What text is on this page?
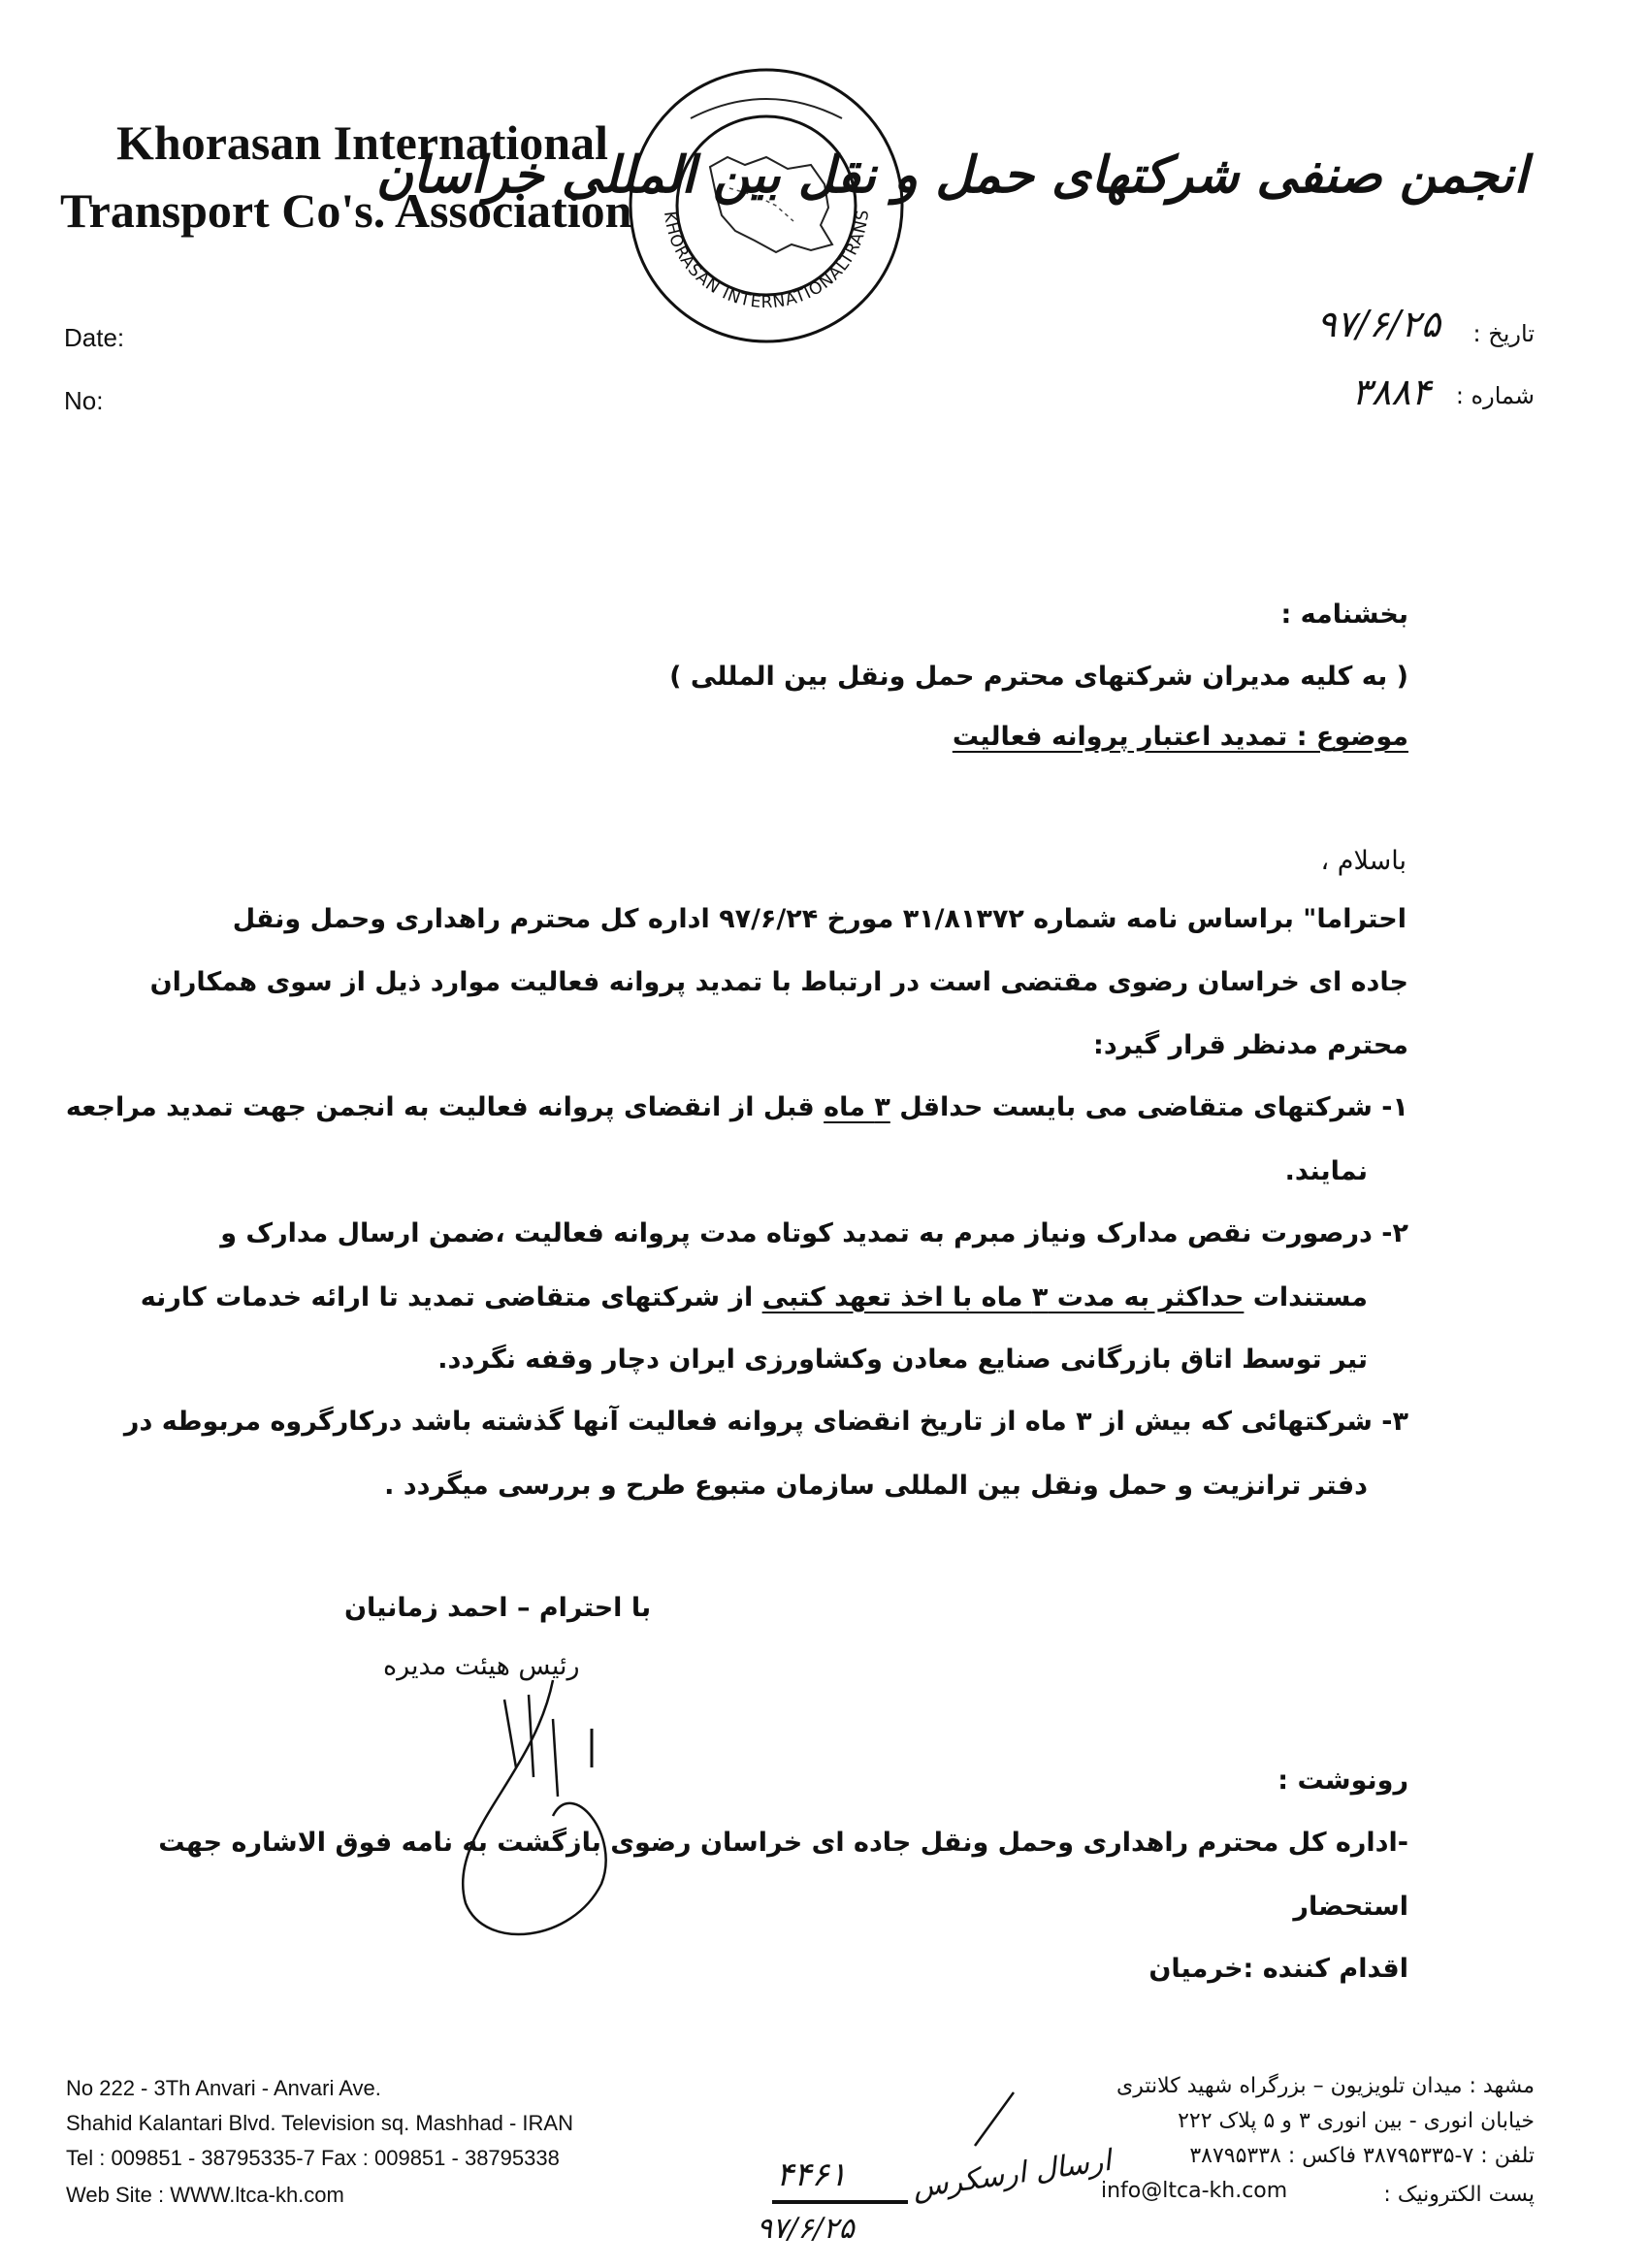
Khorasan International
Transport Co's. Association	KHORASAN INTERNATIONALTRANS
انجمن صنفی شرکتهای حمل و نقل بین المللی خراسان
Date:
No:
تاریخ :
شماره :
۹۷/۶/۲۵
۳۸۸۴
بخشنامه :
( به کلیه مدیران شرکتهای محترم حمل ونقل بین المللی )
موضوع : تمدید اعتبار پروانه فعالیت
باسلام ،
احتراما" براساس نامه شماره ۳۱/۸۱۳۷۲ مورخ ۹۷/۶/۲۴ اداره کل محترم راهداری وحمل ونقل
جاده ای خراسان رضوی مقتضی است در ارتباط با تمدید پروانه فعالیت موارد ذیل از سوی همکاران
محترم مدنظر قرار گیرد:
۱- شرکتهای متقاضی می بایست حداقل ۳ ماه قبل از انقضای پروانه فعالیت به انجمن جهت تمدید مراجعه
نمایند.
۲- درصورت نقص مدارک ونیاز مبرم به تمدید کوتاه مدت پروانه فعالیت ،ضمن ارسال مدارک و
مستندات حداکثر به مدت ۳ ماه با اخذ تعهد کتبی از شرکتهای متقاضی تمدید تا ارائه خدمات کارنه
تیر توسط اتاق بازرگانی صنایع معادن وکشاورزی ایران دچار وقفه نگردد.
۳- شرکتهائی که بیش از ۳ ماه از تاریخ انقضای پروانه فعالیت آنها گذشته باشد درکارگروه مربوطه در
دفتر ترانزیت و حمل ونقل بین المللی سازمان متبوع طرح و بررسی میگردد .
با احترام – احمد زمانیان
رئیس هیئت مدیره
رونوشت :
-اداره کل محترم راهداری وحمل ونقل جاده ای خراسان رضوی بازگشت به نامه فوق الاشاره جهت
استحضار
اقدام کننده :خرمیان
No 222 - 3Th Anvari - Anvari Ave.
Shahid Kalantari Blvd. Television sq. Mashhad - IRAN
Tel : 009851 - 38795335-7 Fax : 009851 - 38795338
Web Site : WWW.ltca-kh.com
مشهد : میدان تلویزیون – بزرگراه شهید کلانتری
خیابان انوری - بین انوری ۳ و ۵ پلاک ۲۲۲
تلفن : ۷-۳۸۷۹۵۳۳۵ فاکس : ۳۸۷۹۵۳۳۸
پست الکترونیک :
info@ltca-kh.com
۴۴۶۱
۹۷/۶/۲۵
ارسال ارسکرس
